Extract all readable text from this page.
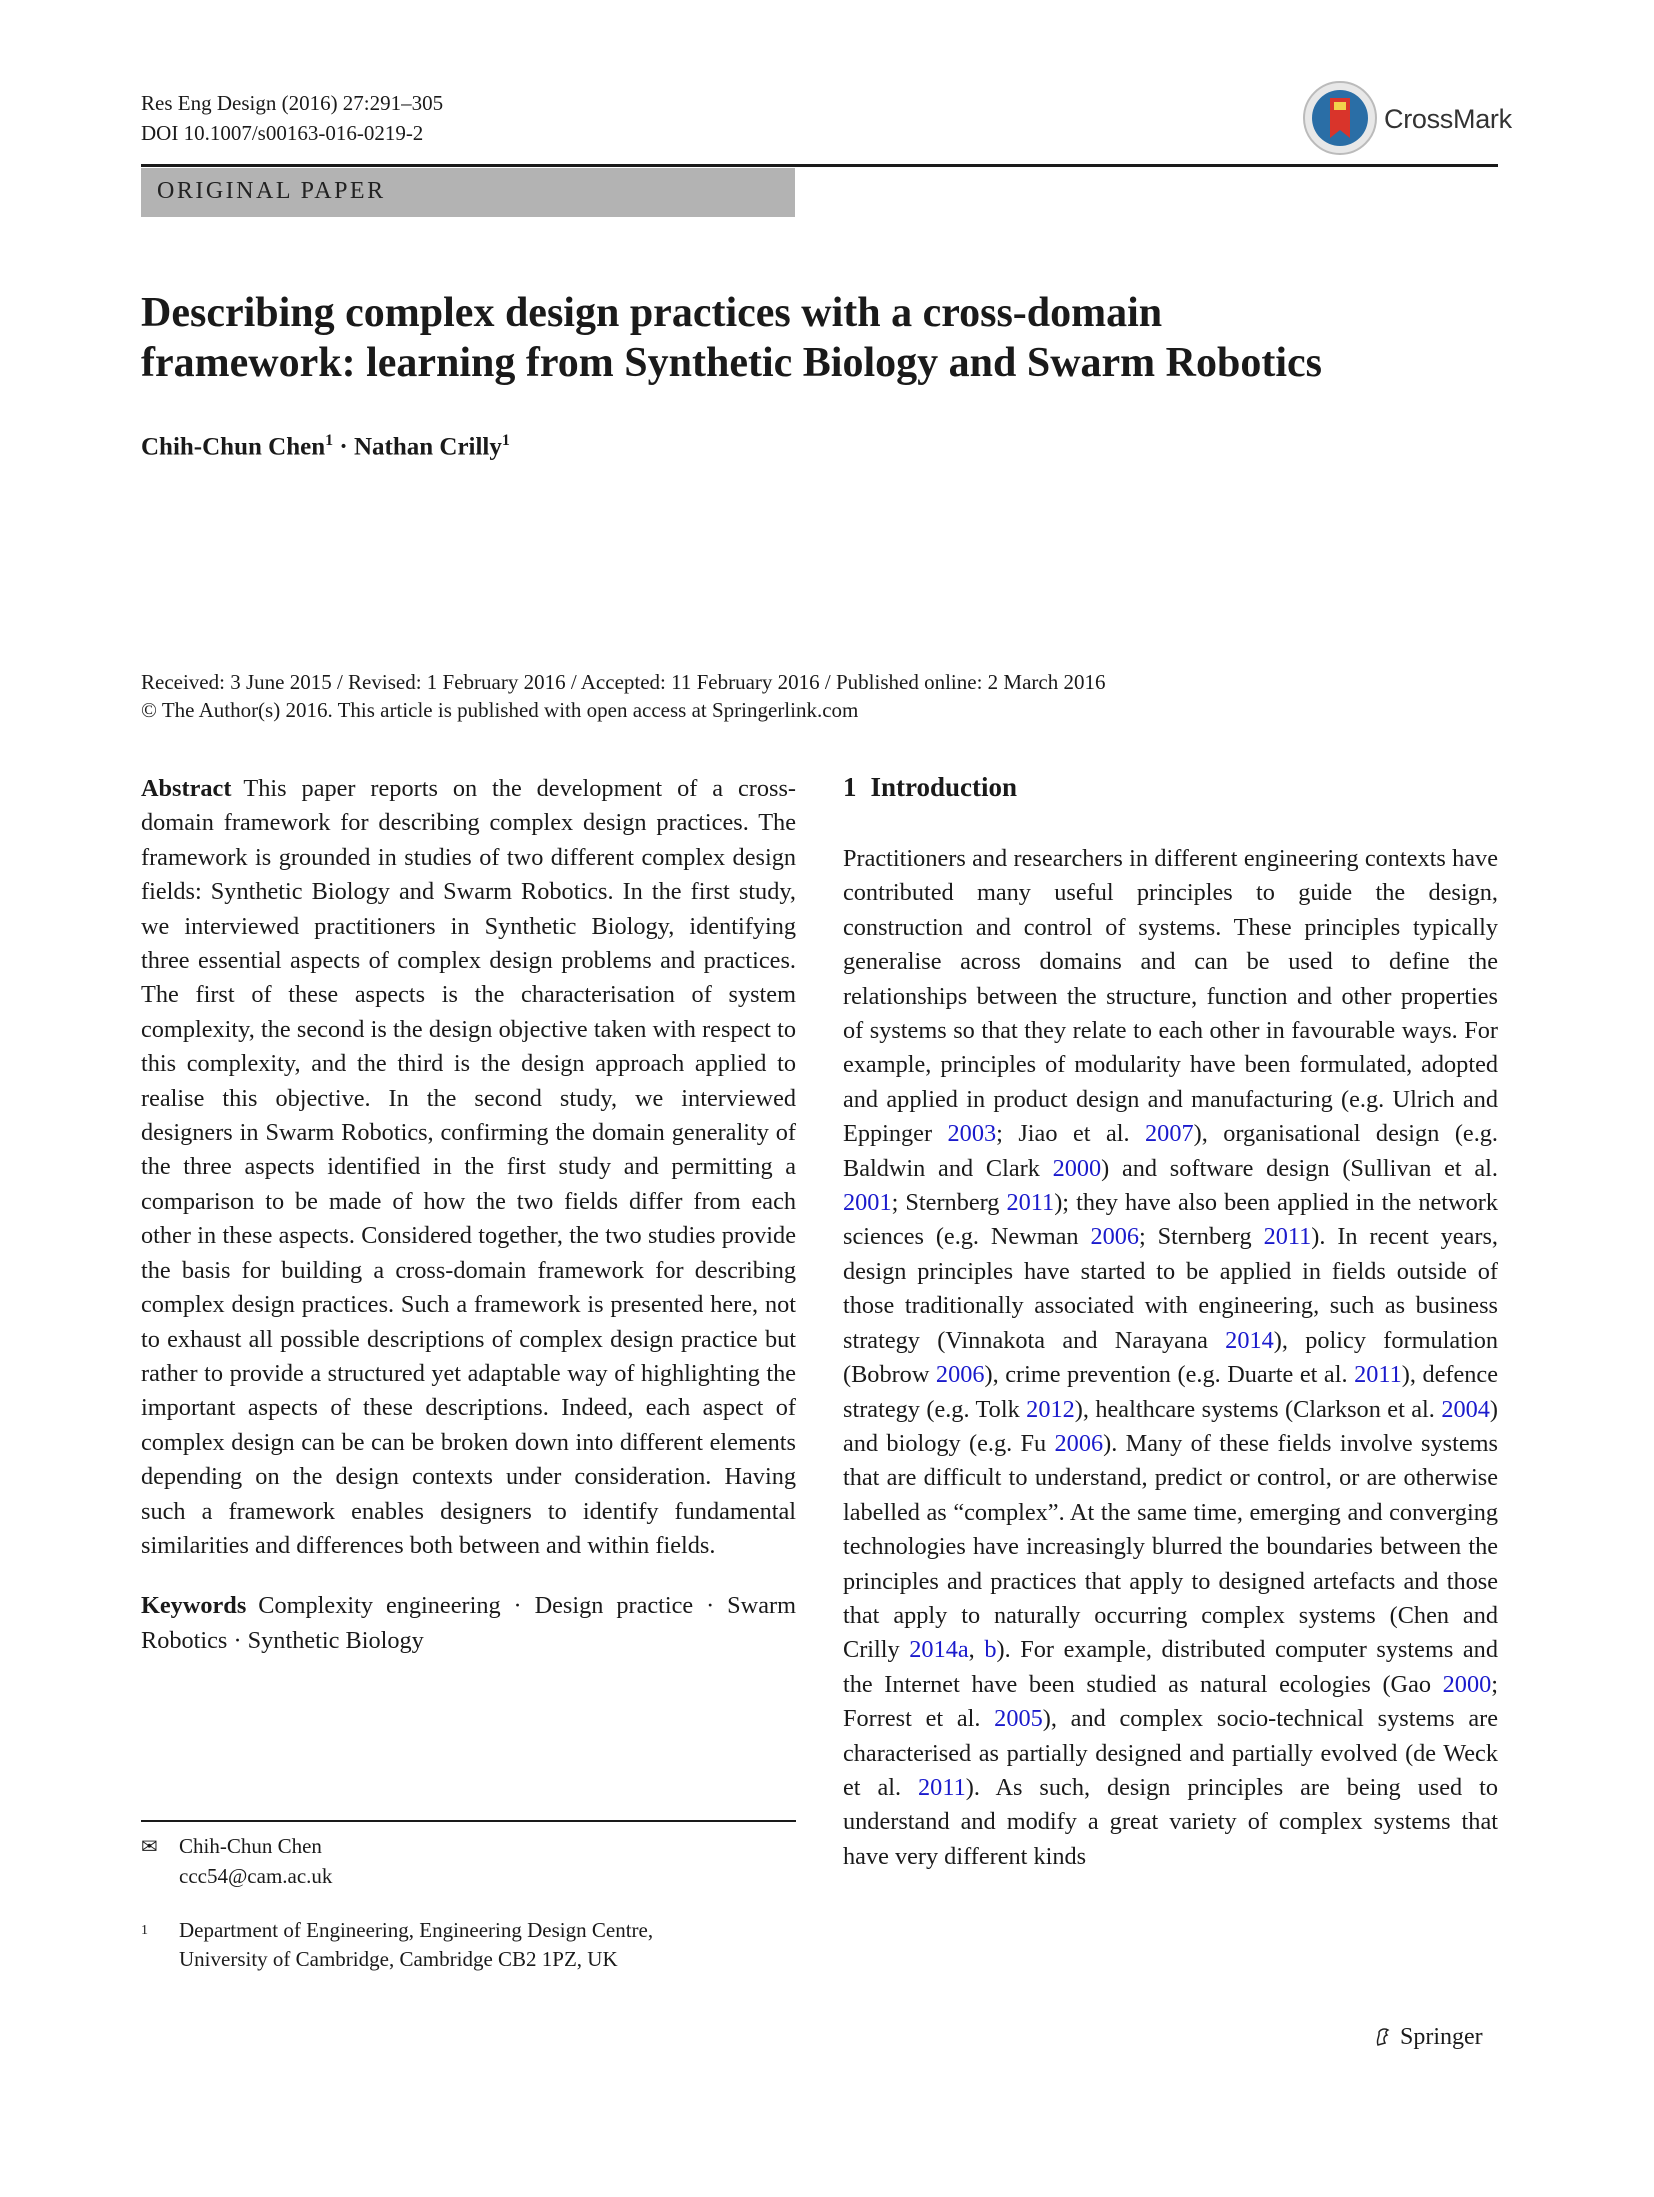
Res Eng Design (2016) 27:291–305
DOI 10.1007/s00163-016-0219-2	CrossMark
ORIGINAL PAPER
Describing complex design practices with a cross-domain
framework: learning from Synthetic Biology and Swarm Robotics
Chih-Chun Chen$^1$ · Nathan Crilly$^1$
Received: 3 June 2015 / Revised: 1 February 2016 / Accepted: 11 February 2016 / Published online: 2 March 2016
© The Author(s) 2016. This article is published with open access at Springerlink.com

Abstract This paper reports on the development of a cross-domain framework for describing complex design practices. The framework is grounded in studies of two different complex design fields: Synthetic Biology and Swarm Robotics. In the first study, we interviewed practitioners in Synthetic Biology, identifying three essential aspects of complex design problems and practices. The first of these aspects is the characterisation of system complexity, the second is the design objective taken with respect to this complexity, and the third is the design approach applied to realise this objective. In the second study, we interviewed designers in Swarm Robotics, confirming the domain generality of the three aspects identified in the first study and permitting a comparison to be made of how the two fields differ from each other in these aspects. Considered together, the two studies provide the basis for building a cross-domain framework for describing complex design practices. Such a framework is presented here, not to exhaust all possible descriptions of complex design practice but rather to provide a structured yet adaptable way of highlighting the important aspects of these descriptions. Indeed, each aspect of complex design can be can be broken down into different elements depending on the design contexts under consideration. Having such a framework enables designers to identify fundamental similarities and differences both between and within fields.

Keywords Complexity engineering · Design practice · Swarm Robotics · Synthetic Biology

✉ Chih-Chun Chen
ccc54@cam.ac.uk
1 Department of Engineering, Engineering Design Centre,
University of Cambridge, Cambridge CB2 1PZ, UK
1 Introduction

Practitioners and researchers in different engineering contexts have contributed many useful principles to guide the design, construction and control of systems. These principles typically generalise across domains and can be used to define the relationships between the structure, function and other properties of systems so that they relate to each other in favourable ways. For example, principles of modularity have been formulated, adopted and applied in product design and manufacturing (e.g. Ulrich and Eppinger 2003; Jiao et al. 2007), organisational design (e.g. Baldwin and Clark 2000) and software design (Sullivan et al. 2001; Sternberg 2011); they have also been applied in the network sciences (e.g. Newman 2006; Sternberg 2011). In recent years, design principles have started to be applied in fields outside of those traditionally associated with engineering, such as business strategy (Vinnakota and Narayana 2014), policy formulation (Bobrow 2006), crime prevention (e.g. Duarte et al. 2011), defence strategy (e.g. Tolk 2012), healthcare systems (Clarkson et al. 2004) and biology (e.g. Fu 2006). Many of these fields involve systems that are difficult to understand, predict or control, or are otherwise labelled as “complex”. At the same time, emerging and converging technologies have increasingly blurred the boundaries between the principles and practices that apply to designed artefacts and those that apply to naturally occurring complex systems (Chen and Crilly 2014a, b). For example, distributed computer systems and the Internet have been studied as natural ecologies (Gao 2000; Forrest et al. 2005), and complex socio-technical systems are characterised as partially designed and partially evolved (de Weck et al. 2011). As such, design principles are being used to understand and modify a great variety of complex systems that have very different kinds

Springer
